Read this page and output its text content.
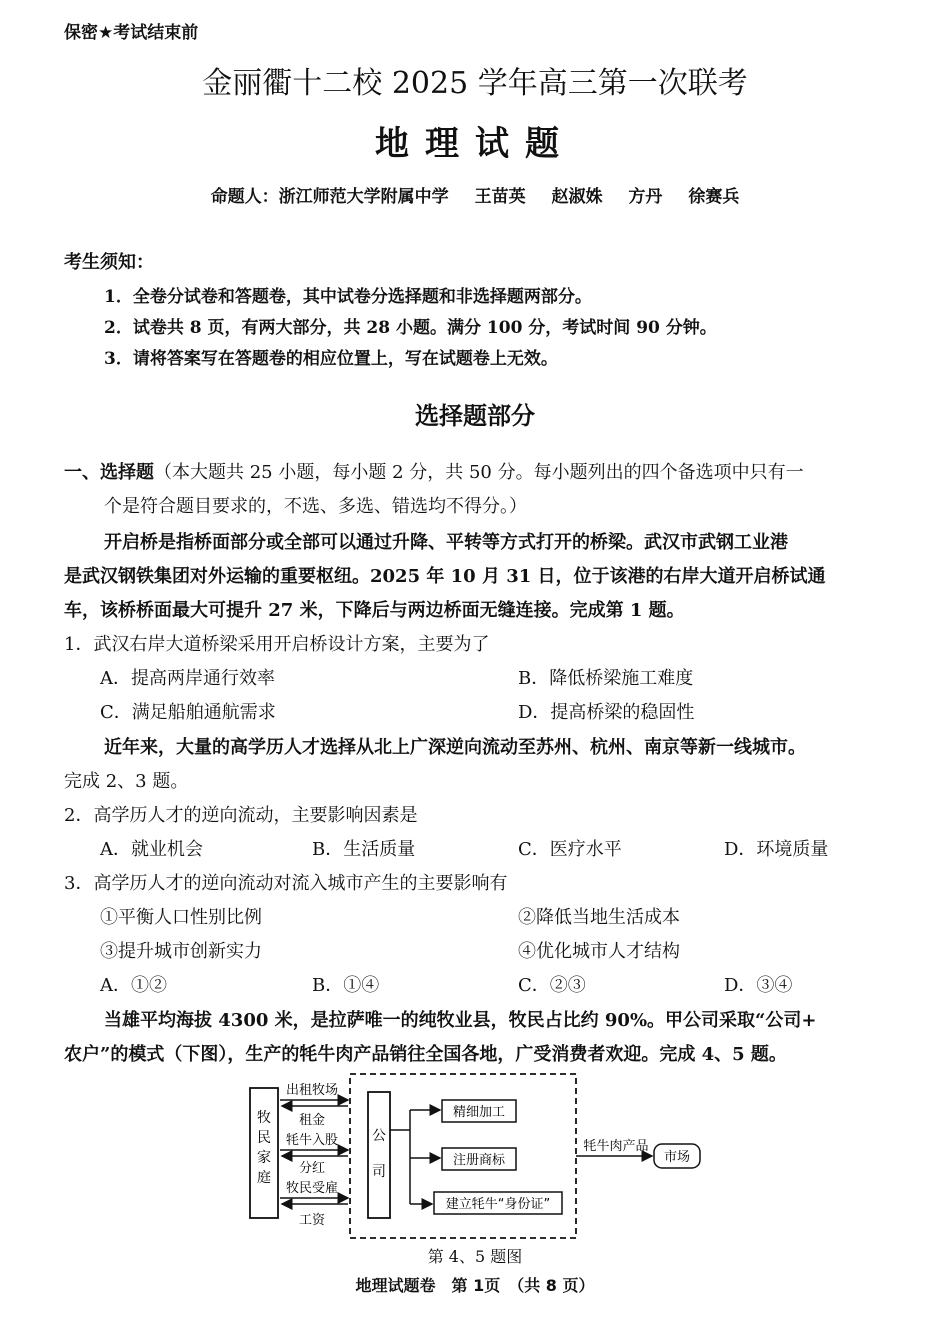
保密★考试结束前
金丽衢十二校 2025 学年高三第一次联考
地理试题
命题人：浙江师范大学附属中学 王苗英 赵淑姝 方丹 徐赛兵
考生须知：
1．全卷分试卷和答题卷，其中试卷分选择题和非选择题两部分。
2．试卷共 8 页，有两大部分，共 28 小题。满分 100 分，考试时间 90 分钟。
3．请将答案写在答题卷的相应位置上，写在试题卷上无效。
选择题部分
一、选择题（本大题共 25 小题，每小题 2 分，共 50 分。每小题列出的四个备选项中只有一
个是符合题目要求的，不选、多选、错选均不得分。）
开启桥是指桥面部分或全部可以通过升降、平转等方式打开的桥梁。武汉市武钢工业港
是武汉钢铁集团对外运输的重要枢纽。2025 年 10 月 31 日，位于该港的右岸大道开启桥试通
车，该桥桥面最大可提升 27 米，下降后与两边桥面无缝连接。完成第 1 题。
1．武汉右岸大道桥梁采用开启桥设计方案，主要为了
A．提高两岸通行效率	B．降低桥梁施工难度
C．满足船舶通航需求	D．提高桥梁的稳固性
近年来，大量的高学历人才选择从北上广深逆向流动至苏州、杭州、南京等新一线城市。
完成 2、3 题。
2．高学历人才的逆向流动，主要影响因素是
A．就业机会	B．生活质量	C．医疗水平	D．环境质量
3．高学历人才的逆向流动对流入城市产生的主要影响有
①平衡人口性别比例	②降低当地生活成本
③提升城市创新实力	④优化城市人才结构
A．①②	B．①④	C．②③	D．③④
当雄平均海拔 4300 米，是拉萨唯一的纯牧业县，牧民占比约 90%。甲公司采取“公司+
农户”的模式（下图），生产的牦牛肉产品销往全国各地，广受消费者欢迎。完成 4、5 题。
牧
民
家
庭
出租牧场
租金
牦牛入股
分红
牧民受雇
工资
公
司
精细加工
注册商标
建立牦牛“身份证”
牦牛肉产品
市场
第 4、5 题图
地理试题卷　第 1页　（共 8 页）
